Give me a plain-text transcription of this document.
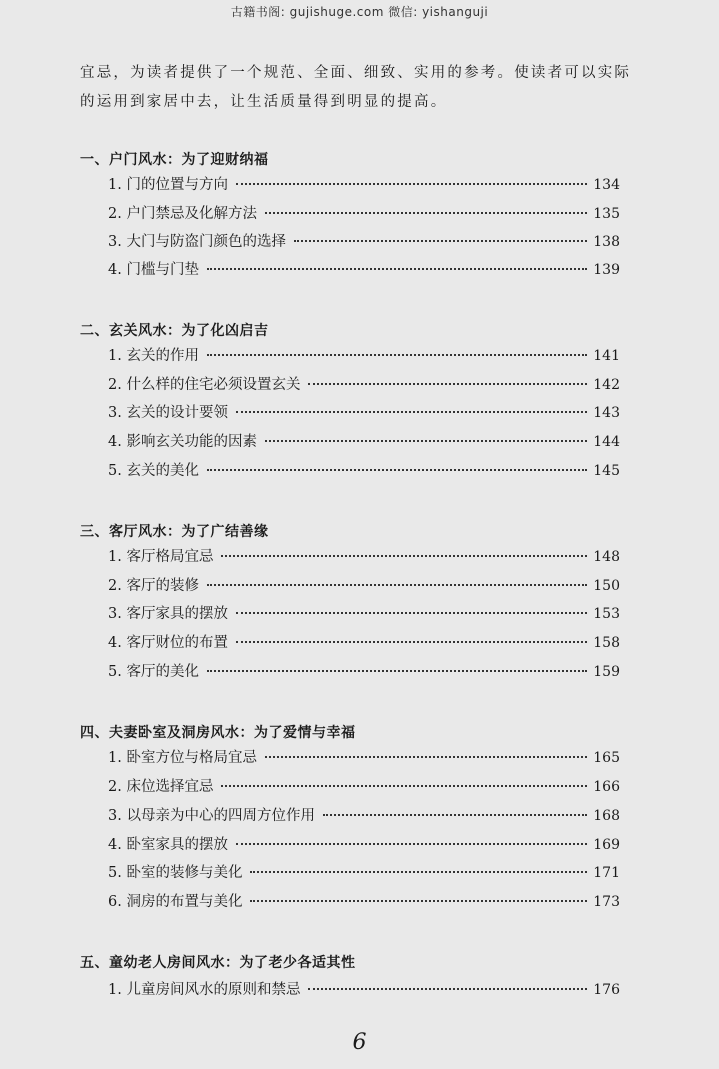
古籍书阁: gujishuge.com 微信: yishanguji
宜忌，为读者提供了一个规范、全面、细致、实用的参考。使读者可以实际
的运用到家居中去，让生活质量得到明显的提高。
一、户门风水：为了迎财纳福
1. 门的位置与方向	134
2. 户门禁忌及化解方法	135
3. 大门与防盗门颜色的选择	138
4. 门槛与门垫	139
二、玄关风水：为了化凶启吉
1. 玄关的作用	141
2. 什么样的住宅必须设置玄关	142
3. 玄关的设计要领	143
4. 影响玄关功能的因素	144
5. 玄关的美化	145
三、客厅风水：为了广结善缘
1. 客厅格局宜忌	148
2. 客厅的装修	150
3. 客厅家具的摆放	153
4. 客厅财位的布置	158
5. 客厅的美化	159
四、夫妻卧室及洞房风水：为了爱情与幸福
1. 卧室方位与格局宜忌	165
2. 床位选择宜忌	166
3. 以母亲为中心的四周方位作用	168
4. 卧室家具的摆放	169
5. 卧室的装修与美化	171
6. 洞房的布置与美化	173
五、童幼老人房间风水：为了老少各适其性
1. 儿童房间风水的原则和禁忌	176
6
